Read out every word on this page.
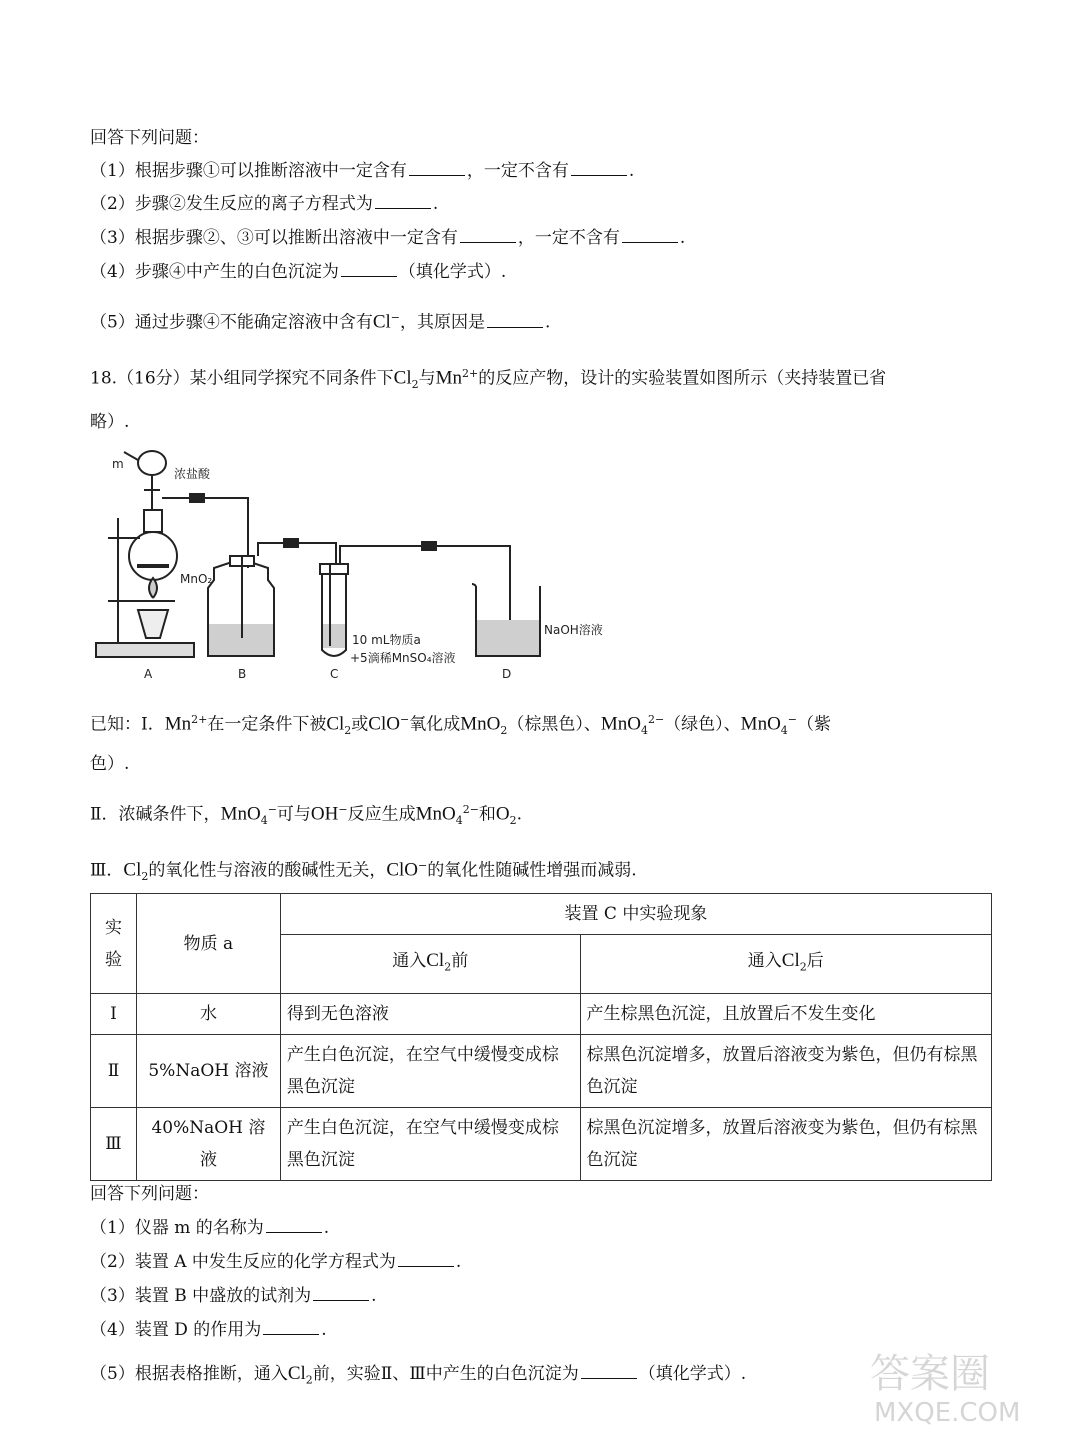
回答下列问题：
（1）根据步骤①可以推断溶液中一定含有	，一定不含有	.
（2）步骤②发生反应的离子方程式为	.
（3）根据步骤②、③可以推断出溶液中一定含有	，一定不含有	.
（4）步骤④中产生的白色沉淀为	（填化学式）.
（5）通过步骤④不能确定溶液中含有Cl−，其原因是	.
18.（16分）某小组同学探究不同条件下$Cl_2$与$Mn^{2+}$的反应产物，设计的实验装置如图所示（夹持装置已省
略）.
m
浓盐酸
MnO₂
10 mL物质a
+5滴稀MnSO₄溶液
NaOH溶液
A	B	C	D
已知：Ⅰ．$Mn^{2+}$在一定条件下被$Cl_2$或ClO−氧化成MnO$_2$（棕黑色）、MnO$_4^{2-}$（绿色）、MnO$_4$−（紫
色）.
Ⅱ．浓碱条件下，MnO$_4$−可与OH−反应生成MnO$_4^{2-}$和$O_2$.
Ⅲ．$Cl_2$的氧化性与溶液的酸碱性无关，ClO−的氧化性随碱性增强而减弱.
实验	物质 a	装置 C 中实验现象	
		通入$Cl_2$前	通入$Cl_2$后
Ⅰ	水	得到无色溶液	产生棕黑色沉淀，且放置后不发生变化
Ⅱ	5%NaOH 溶液	产生白色沉淀，在空气中缓慢变成棕黑色沉淀	棕黑色沉淀增多，放置后溶液变为紫色，但仍有棕黑色沉淀
Ⅲ	40%NaOH 溶液	产生白色沉淀，在空气中缓慢变成棕黑色沉淀	棕黑色沉淀增多，放置后溶液变为紫色，但仍有棕黑色沉淀
回答下列问题：
（1）仪器 m 的名称为	.
（2）装置 A 中发生反应的化学方程式为	.
（3）装置 B 中盛放的试剂为	.
（4）装置 D 的作用为	.
（5）根据表格推断，通入$Cl_2$前，实验Ⅱ、Ⅲ中产生的白色沉淀为	（填化学式）.	答案圈
MXQE.COM
